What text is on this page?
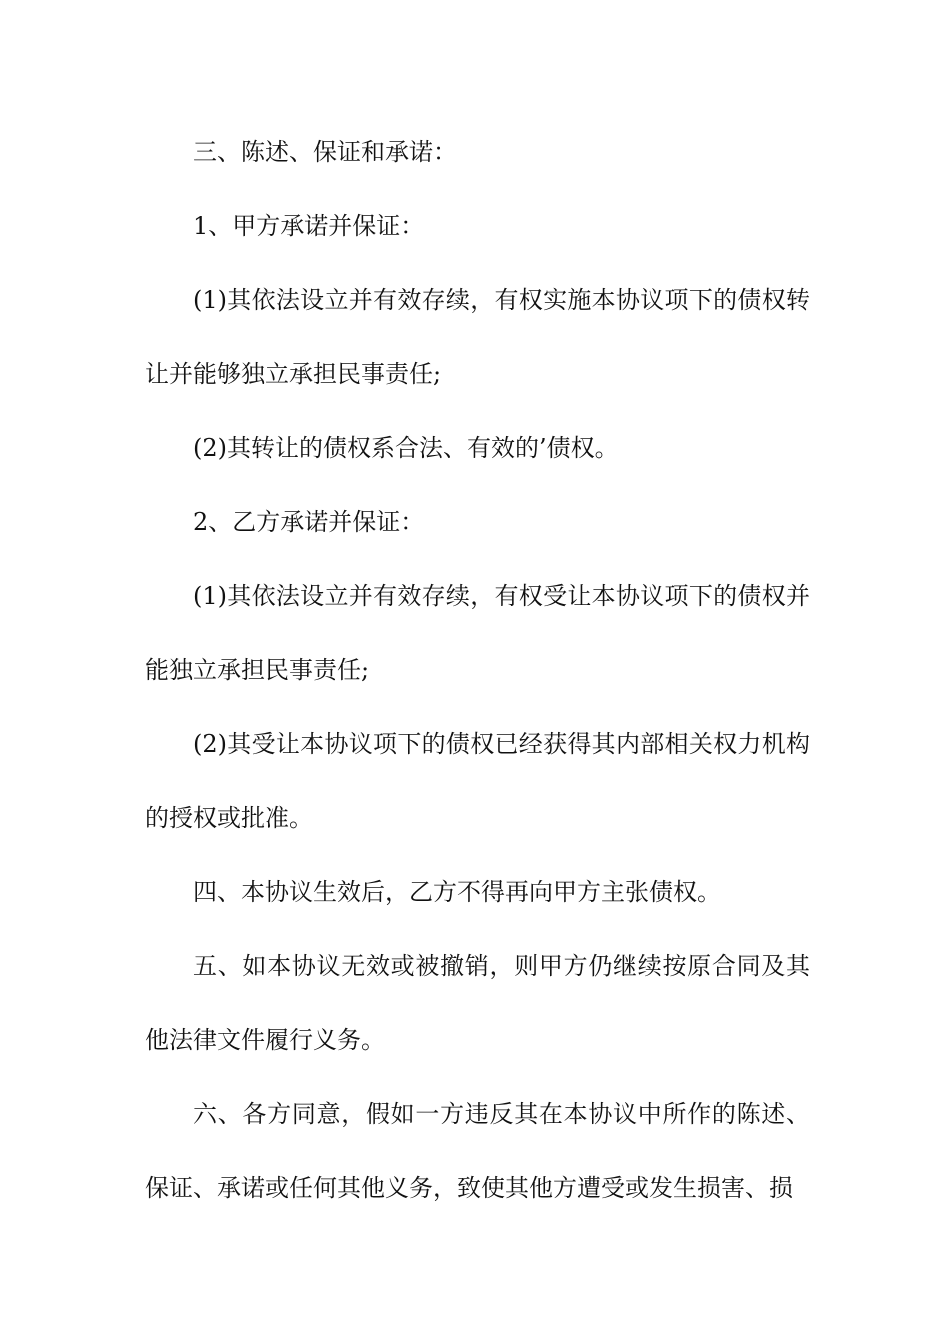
三、陈述、保证和承诺：

1、甲方承诺并保证：

(1)其依法设立并有效存续，有权实施本协议项下的债权转让并能够独立承担民事责任;

(2)其转让的债权系合法、有效的’债权。

2、乙方承诺并保证：

(1)其依法设立并有效存续，有权受让本协议项下的债权并能独立承担民事责任;

(2)其受让本协议项下的债权已经获得其内部相关权力机构的授权或批准。

四、本协议生效后，乙方不得再向甲方主张债权。

五、如本协议无效或被撤销，则甲方仍继续按原合同及其他法律文件履行义务。

六、各方同意，假如一方违反其在本协议中所作的陈述、保证、承诺或任何其他义务，致使其他方遭受或发生损害、损
